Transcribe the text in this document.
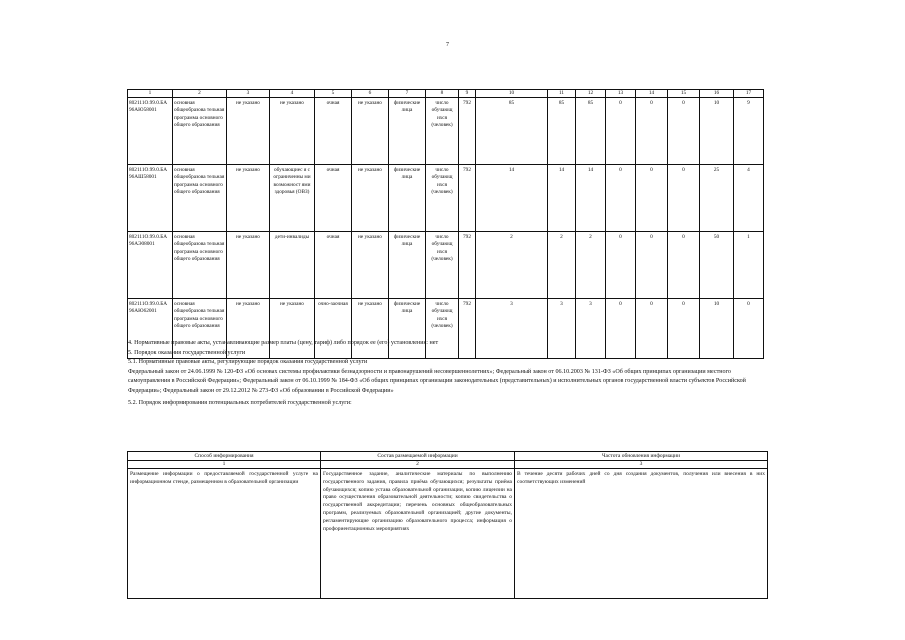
7
1	2	3	4	5	6	7	8	9	10	11	12	13	14	15	16	17
802111О.99.0.БА 96АЮ58001	основная общеобразова тельная программа основного общего образования	не указано	не указано	очная	не указано	физические лица	число обучающ ихся (человек)	792	85	85	85	0	0	0	10	9
802111О.99.0.БА 96АШ58001	основная общеобразова тельная программа основного общего образования	не указано	обучающиес я с ограниченны ми возможност ями здоровья (ОВЗ)	очная	не указано	физические лица	число обучающ ихся (человек)	792	14	14	14	0	0	0	25	4
802111О.99.0.БА 96АЭ08001	основная общеобразова тельная программа основного общего образования	не указано	дети-инвалиды	очная	не указано	физические лица	число обучающ ихся (человек)	792	2	2	2	0	0	0	50	1
802111О.99.0.БА 96АЮ62001	основная общеобразова тельная программа основного общего образования	не указано	не указано	очно-заочная	не указано	физические лица	число обучающ ихся (человек)	792	3	3	3	0	0	0	10	0

4. Нормативные правовые акты, устанавливающие размер платы (цену, тариф) либо порядок ее (его) установления: нет

5. Порядок оказания государственной услуги

5.1. Нормативные правовые акты, регулирующие порядок оказания государственной услуги

Федеральный закон от 24.06.1999 № 120-ФЗ «Об основах системы профилактики безнадзорности и правонарушений несовершеннолетних»; Федеральный закон от 06.10.2003 № 131-ФЗ «Об общих принципах организации местного самоуправления в Российской Федерации»; Федеральный закон от 06.10.1999 № 184-ФЗ «Об общих принципах организации законодательных (представительных) и исполнительных органов государственной власти субъектов Российской Федерации»; Федеральный закон от 29.12.2012 № 273-ФЗ «Об образовании в Российской Федерации»

5.2. Порядок информирования потенциальных потребителей государственной услуги:

Способ информирования	Состав размещаемой информации	Частота обновления информации
1	2	3
Размещение информации о предоставляемой государственной услуге на информационном стенде, размещенном в образовательной организации	Государственное задание, аналитические материалы по выполнению государственного задания, правила приёма обучающихся; результаты приёма обучающихся; копию устава образовательной организации, копию лицензии на право осуществления образовательной деятельности; копию свидетельства о государственной аккредитации; перечень основных общеобразовательных программ, реализуемых образовательной организацией; другие документы, регламентирующие организацию образовательного процесса; информация о профориентационных мероприятиях	В течение десяти рабочих дней со дня создания документов, получения или внесения в них соответствующих изменений
